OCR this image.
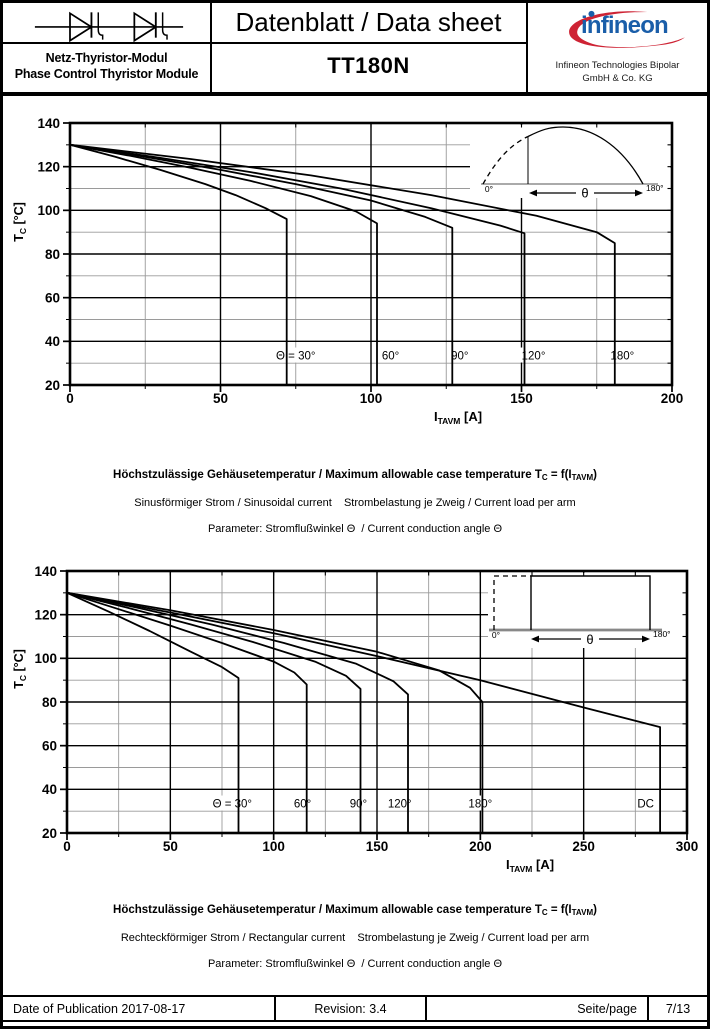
Netz-Thyristor-Modul
Phase Control Thyristor Module
Datenblatt / Data sheet
TT180N
infineon
Infineon Technologies Bipolar
GmbH & Co. KG
Θ = 30°	60°	90°	120°	180°
0°	180°
θ
0	50	100	150	200
20
40
60
80
100
120
140
$I_{TAVM}$ [A]
$T_C$ [°C]
Höchstzulässige Gehäusetemperatur / Maximum allowable case temperature TC = f(ITAVM)
Sinusförmiger Strom / Sinusoidal current    Strombelastung je Zweig / Current load per arm
Parameter: Stromflußwinkel Θ  / Current conduction angle Θ
Θ = 30°	60°	90° 120°	180°	DC
0°	180°
θ
0	50	100	150	200	250	300
20
40
60
80
100
120
140
$I_{TAVM}$ [A]
$T_C$ [°C]
Höchstzulässige Gehäusetemperatur / Maximum allowable case temperature TC = f(ITAVM)
Rechteckförmiger Strom / Rectangular current    Strombelastung je Zweig / Current load per arm
Parameter: Stromflußwinkel Θ  / Current conduction angle Θ
Date of Publication 2017-08-17	Revision: 3.4	Seite/page	7/13
